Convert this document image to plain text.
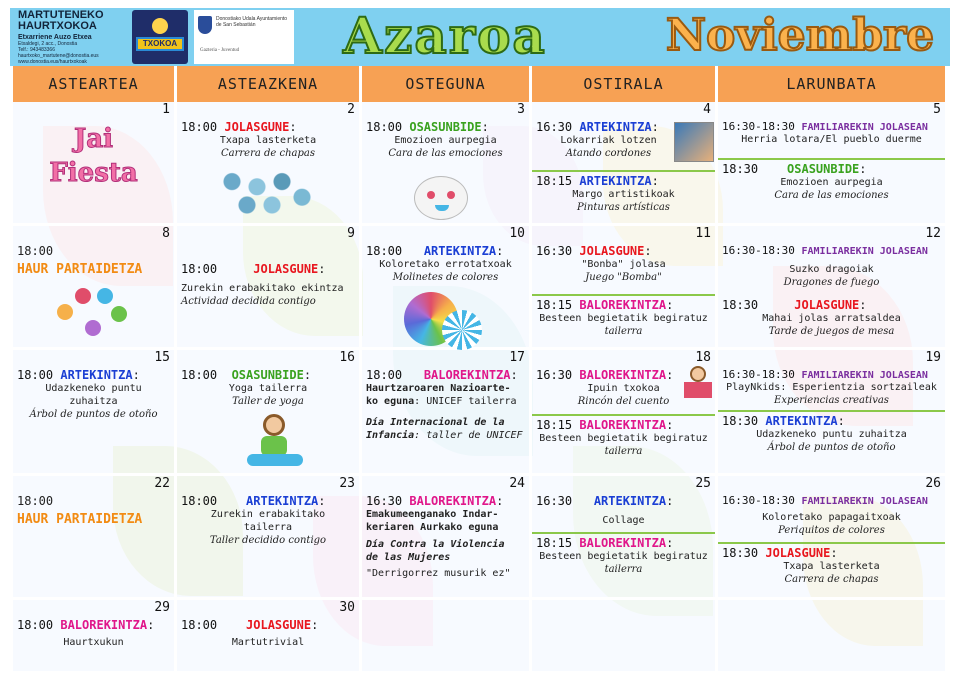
MARTUTENEKO
HAURTXOKOA
Etxarriene Auzo Etxea
Etxaldegi, 2 acc., Donostia
Telf.: 943483366
haurtxoko_martutene@donostia.eus
www.donostia.eus/haurtxokoak
TXOKOA
Donostiako Udala Ayuntamiento de San Sebastián
Gazteria - Juventud	Azaroa	Noviembre
ASTEARTEA	ASTEAZKENA	OSTEGUNA	OSTIRALA	LARUNBATA
1
Jai
Fiesta
2
18:00 JOLASGUNE:
Txapa lasterketa
Carrera de chapas
3
18:00 OSASUNBIDE:
Emozioen aurpegia
Cara de las emociones
4
16:30 ARTEKINTZA:
Lokarriak lotzen
Atando cordones
18:15 ARTEKINTZA:
Margo artistikoak
Pinturas artísticas
5
16:30-18:30 FAMILIAREKIN JOLASEAN
Herria lotara/El pueblo duerme
18:30 OSASUNBIDE:
Emozioen aurpegia
Cara de las emociones
8
18:00
HAUR PARTAIDETZA
9
18:00	JOLASGUNE:
Zurekin erabakitako ekintza
Actividad decidida contigo
10
18:00 ARTEKINTZA:
Koloretako errotatxoak
Molinetes de colores
11
16:30 JOLASGUNE:
"Bonba" jolasa
Juego "Bomba"
18:15 BALOREKINTZA:
Besteen begietatik begiratuz
tailerra
12
16:30-18:30 FAMILIAREKIN JOLASEAN
Suzko dragoiak
Dragones de fuego
18:30	JOLASGUNE:
Mahai jolas arratsaldea
Tarde de juegos de mesa
15
18:00 ARTEKINTZA:
Udazkeneko puntu
zuhaitza
Árbol de puntos de otoño
16
18:00 OSASUNBIDE:
Yoga tailerra
Taller de yoga
17
18:00 BALOREKINTZA:
Haurtzaroaren Nazioarte-
ko eguna: UNICEF tailerra
Día Internacional de la
Infancia: taller de UNICEF
18
16:30 BALOREKINTZA:
Ipuin txokoa
Rincón del cuento
18:15 BALOREKINTZA:
Besteen begietatik begiratuz
tailerra
19
16:30-18:30 FAMILIAREKIN JOLASEAN
PlayNkids: Esperientzia sortzaileak
Experiencias creativas
18:30 ARTEKINTZA:
Udazkeneko puntu zuhaitza
Árbol de puntos de otoño
22
18:00
HAUR PARTAIDETZA
23
18:00 ARTEKINTZA:
Zurekin erabakitako
tailerra
Taller decidido contigo
24
16:30 BALOREKINTZA:
Emakumeenganako Indar-
keriaren Aurkako eguna
Día Contra la Violencia
de las Mujeres
"Derrigorrez musurik ez"
25
16:30 ARTEKINTZA:
Collage
18:15 BALOREKINTZA:
Besteen begietatik begiratuz
tailerra
26
16:30-18:30 FAMILIAREKIN JOLASEAN
Koloretako papagaitxoak
Periquitos de colores
18:30 JOLASGUNE:
Txapa lasterketa
Carrera de chapas
29
18:00 BALOREKINTZA:
Haurtxukun
30
18:00 JOLASGUNE:
Martutrivial
